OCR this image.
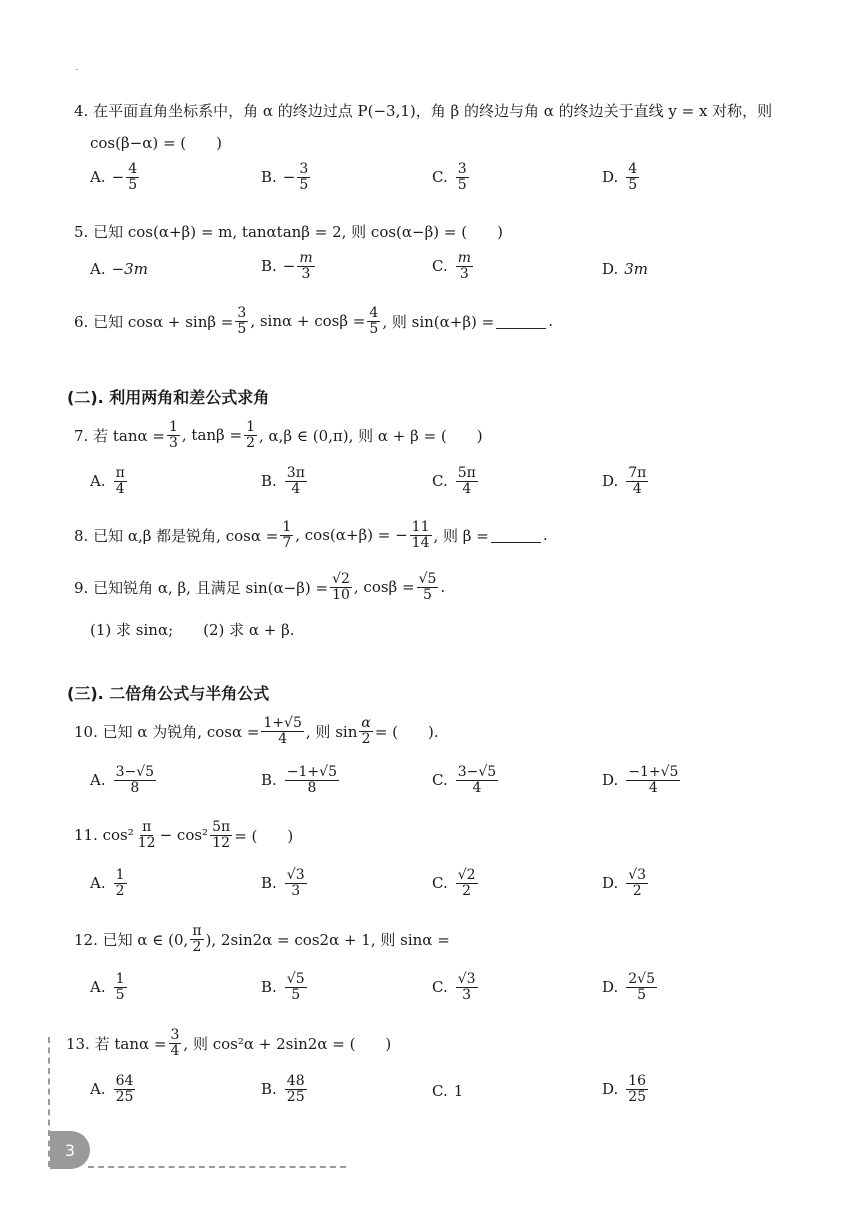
4. 在平面直角坐标系中，角 α 的终边过点 P(−3,1)，角 β 的终边与角 α 的终边关于直线 y = x 对称，则
cos(β−α) = (　　)
A. − $\frac{4}{5}$	B. − $\frac{3}{5}$	C. $\frac{3}{5}$	D. $\frac{4}{5}$
5. 已知 cos(α+β) = m, tanαtanβ = 2, 则 cos(α−β) = (　　)
A. −3m	B. − $\frac{m}{3}$	C. $\frac{m}{3}$	D. 3m
6. 已知 $\cos\alpha + \sin\beta = \frac{3}{5}$ , $\sin\alpha + \cos\beta = \frac{4}{5}$ , 则 sin(α+β) =	.
(二). 利用两角和差公式求角
7. 若 $\tan\alpha = \frac{1}{3}$ , $\tan\beta = \frac{1}{2}$ , α,β ∈ (0,π), 则 α + β = (　　)
A. $\frac{\pi}{4}$	B. $\frac{3\pi}{4}$	C. $\frac{5\pi}{4}$	D. $\frac{7\pi}{4}$
8. 已知 α,β 都是锐角, $\cos\alpha = \frac{1}{7}$ , cos(α+β) = − $\frac{11}{14}$ , 则 β =	.
9. 已知锐角 α, β, 且满足 $\sin(\alpha-\beta) = \frac{√2}{10}$ , $\cos\beta = \frac{√5}{5}$ .
(1) 求 sinα;　　(2) 求 α + β.
(三). 二倍角公式与半角公式
10. 已知 α 为锐角, $\cos\alpha = \frac{1+√5}{4}$ , 则 $\sin \frac{\alpha}{2}$ = (　　).
A. $\frac{3-√5}{8}$	B. $\frac{-1+√5}{8}$	C. $\frac{3-√5}{4}$	D. $\frac{-1+√5}{4}$
11. $\cos^2 \frac{\pi}{12} - \cos^2 \frac{5\pi}{12}$ = (　　)
A. $\frac{1}{2}$	B. $\frac{√3}{3}$	C. $\frac{√2}{2}$	D. $\frac{√3}{2}$
12. 已知 α ∈ (0, $\frac{\pi}{2}$ ), 2sin2α = cos2α + 1, 则 sinα =
A. $\frac{1}{5}$	B. $\frac{√5}{5}$	C. $\frac{√3}{3}$	D. $\frac{2√5}{5}$
13. 若 $\tan\alpha = \frac{3}{4}$ , 则 cos²α + 2sin2α = (　　)
A. $\frac{64}{25}$	B. $\frac{48}{25}$	C. 1	D. $\frac{16}{25}$
3
